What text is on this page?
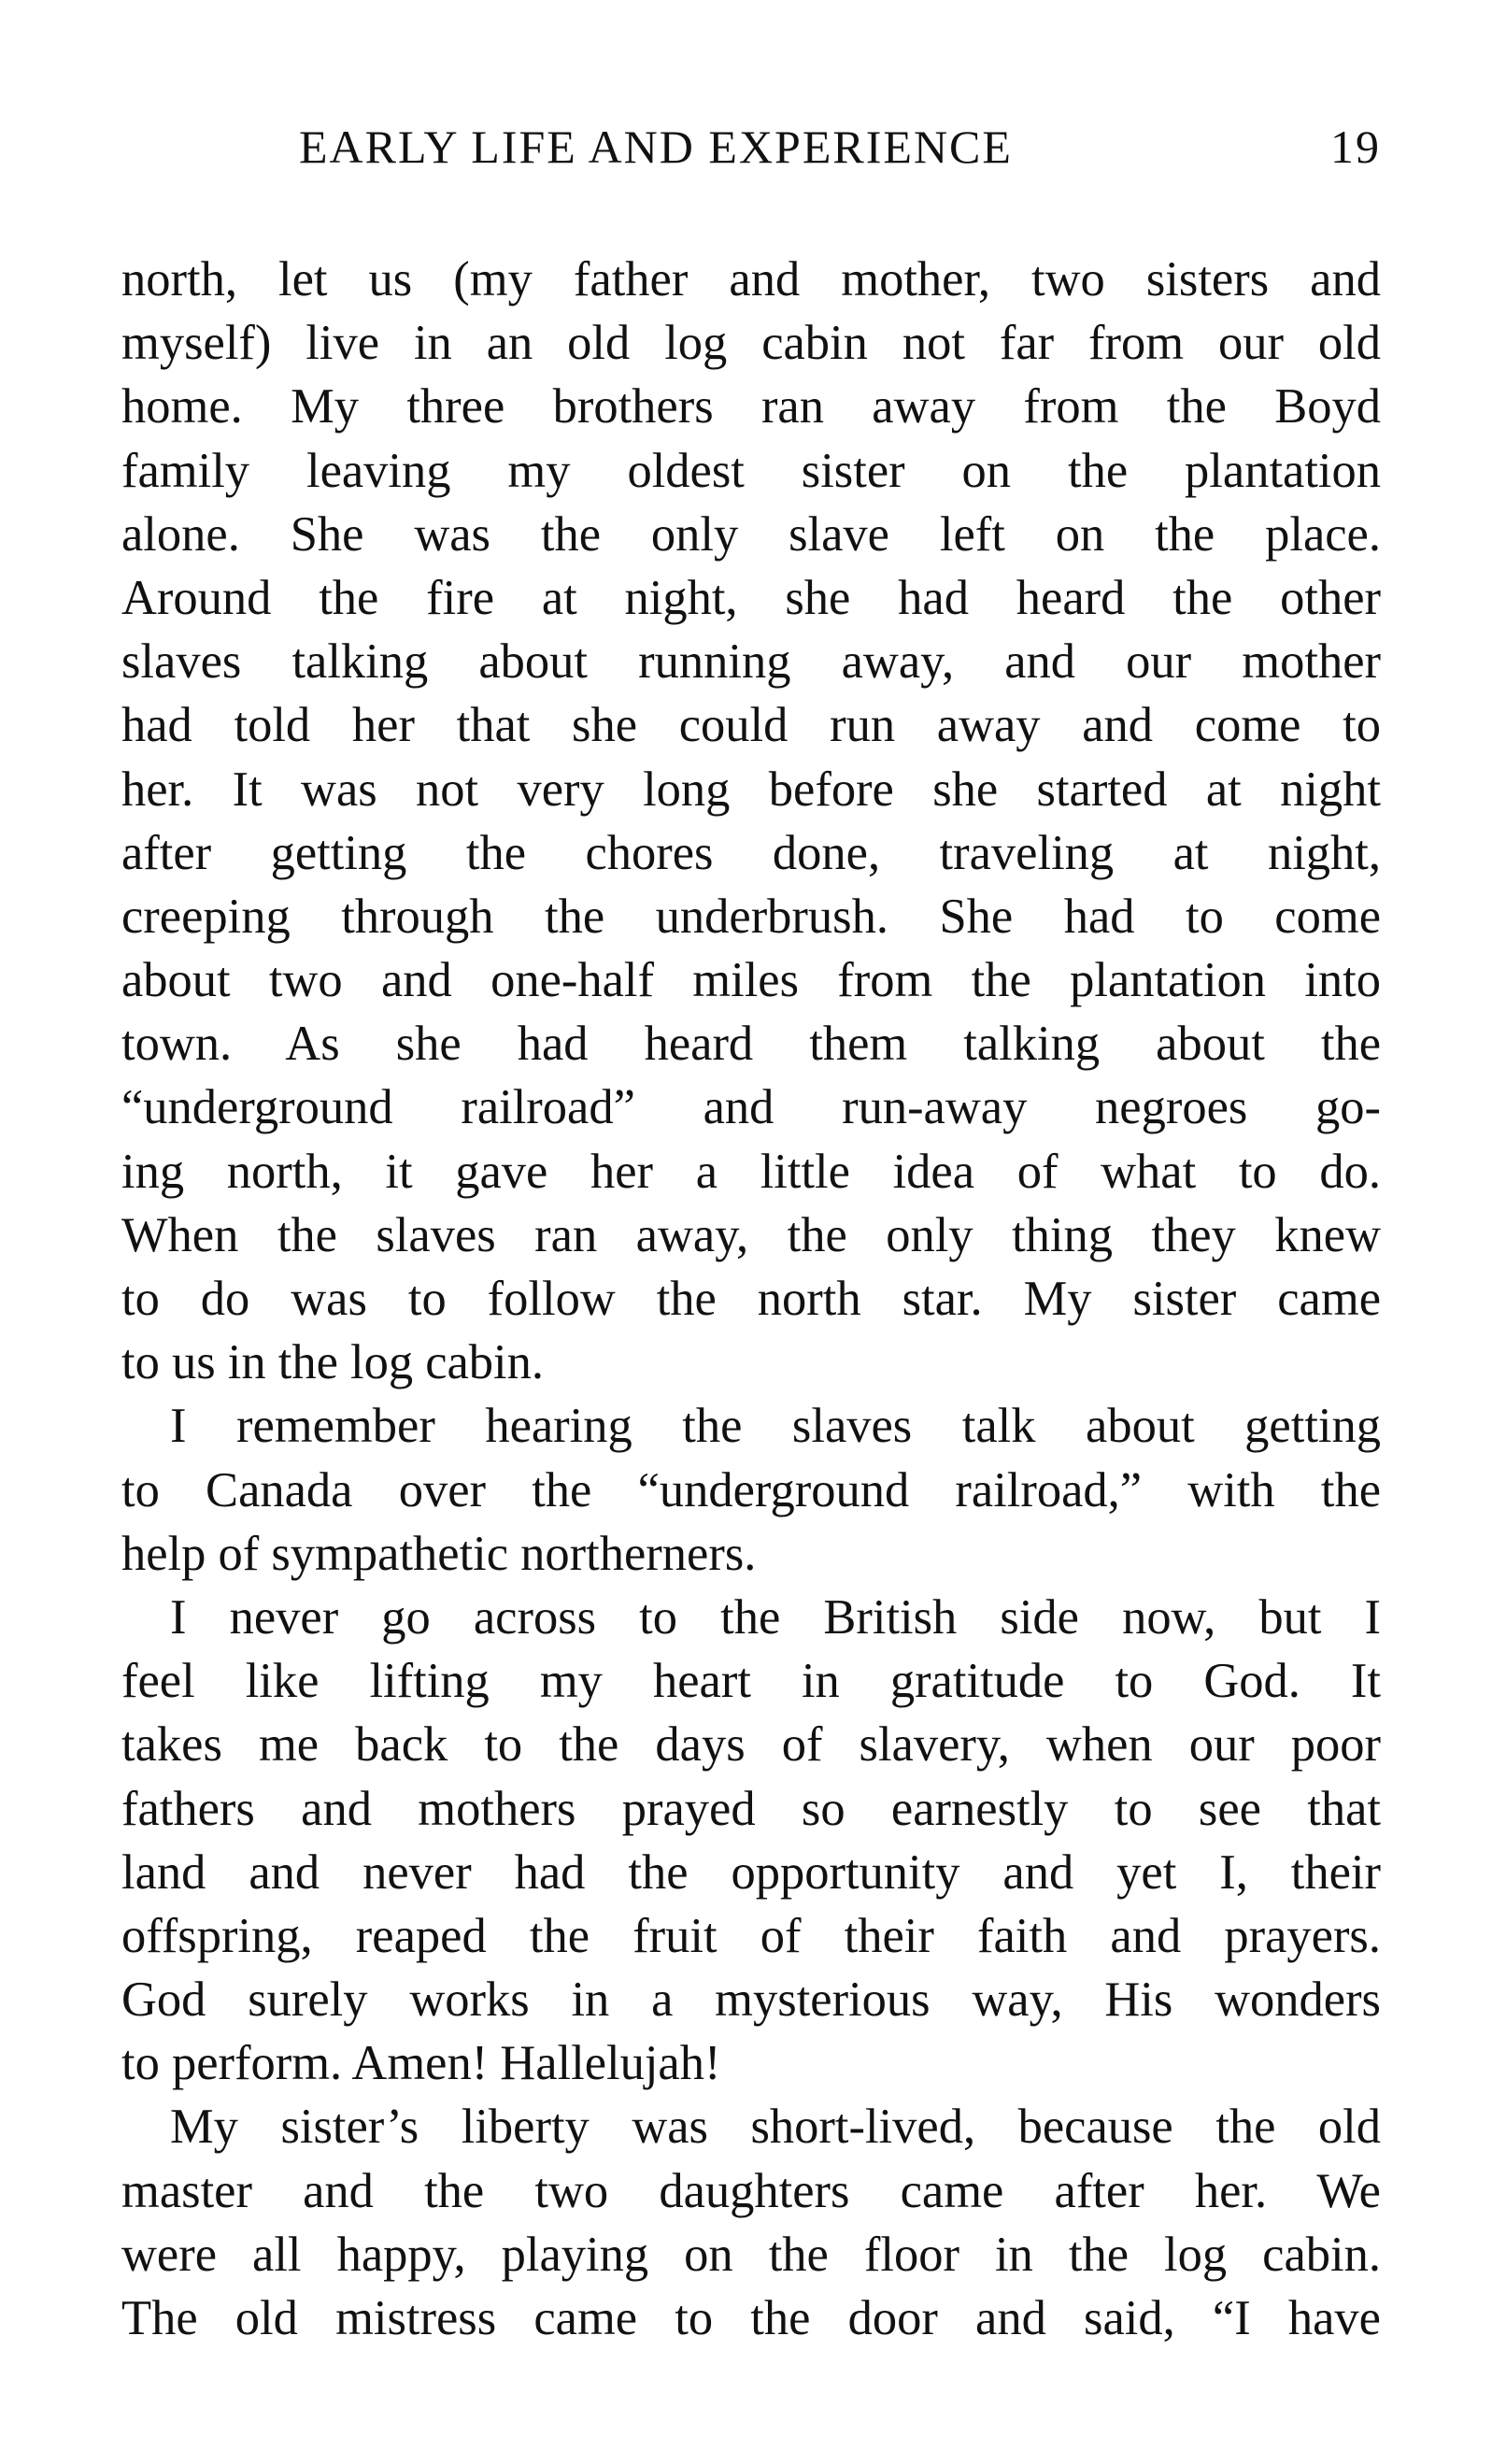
EARLY LIFE AND EXPERIENCE	19
north, let us (my father and mother, two sisters and
myself) live in an old log cabin not far from our old
home. My three brothers ran away from the Boyd
family leaving my oldest sister on the plantation
alone. She was the only slave left on the place.
Around the fire at night, she had heard the other
slaves talking about running away, and our mother
had told her that she could run away and come to
her. It was not very long before she started at night
after getting the chores done, traveling at night,
creeping through the underbrush. She had to come
about two and one-half miles from the plantation into
town. As she had heard them talking about the
“underground railroad” and run-away negroes go-
ing north, it gave her a little idea of what to do.
When the slaves ran away, the only thing they knew
to do was to follow the north star. My sister came
to us in the log cabin.
I remember hearing the slaves talk about getting
to Canada over the “underground railroad,” with the
help of sympathetic northerners.
I never go across to the British side now, but I
feel like lifting my heart in gratitude to God. It
takes me back to the days of slavery, when our poor
fathers and mothers prayed so earnestly to see that
land and never had the opportunity and yet I, their
offspring, reaped the fruit of their faith and prayers.
God surely works in a mysterious way, His wonders
to perform. Amen! Hallelujah!
My sister’s liberty was short-lived, because the old
master and the two daughters came after her. We
were all happy, playing on the floor in the log cabin.
The old mistress came to the door and said, “I have
